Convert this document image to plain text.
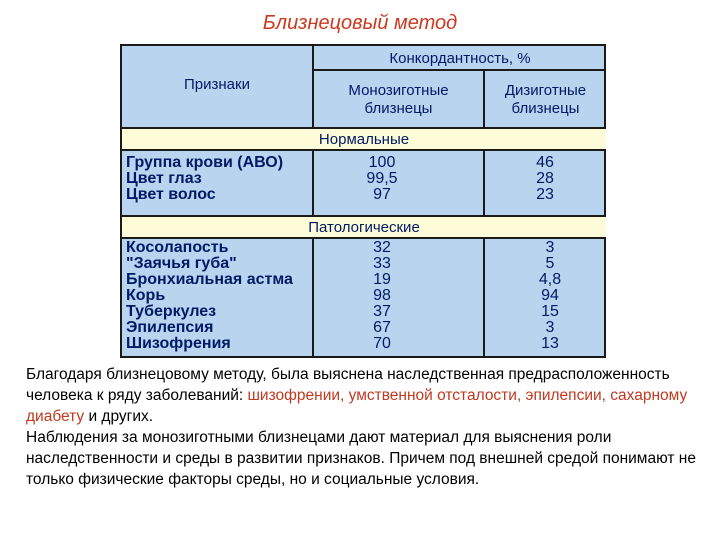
Близнецовый метод
Признаки
Конкордантность, %
Монозиготные
близнецы
Дизиготные
близнецы
Нормальные
Патологические
Группа крови (АВО)
Цвет глаз
Цвет волос
100
99,5
97
46
28
23
Косолапость
"Заячья губа"
Бронхиальная астма
Корь
Туберкулез
Эпилепсия
Шизофрения
32
33
19
98
37
67
70
3
5
4,8
94
15
3
13
Благодаря близнецовому методу, была выяснена наследственная предрасположенность человека к ряду заболеваний: шизофрении, умственной отсталости, эпилепсии, сахарному диабету и других.
Наблюдения за монозиготными близнецами дают материал для выяснения роли наследственности и среды в развитии признаков. Причем под внешней средой понимают не только физические факторы среды, но и социальные условия.
